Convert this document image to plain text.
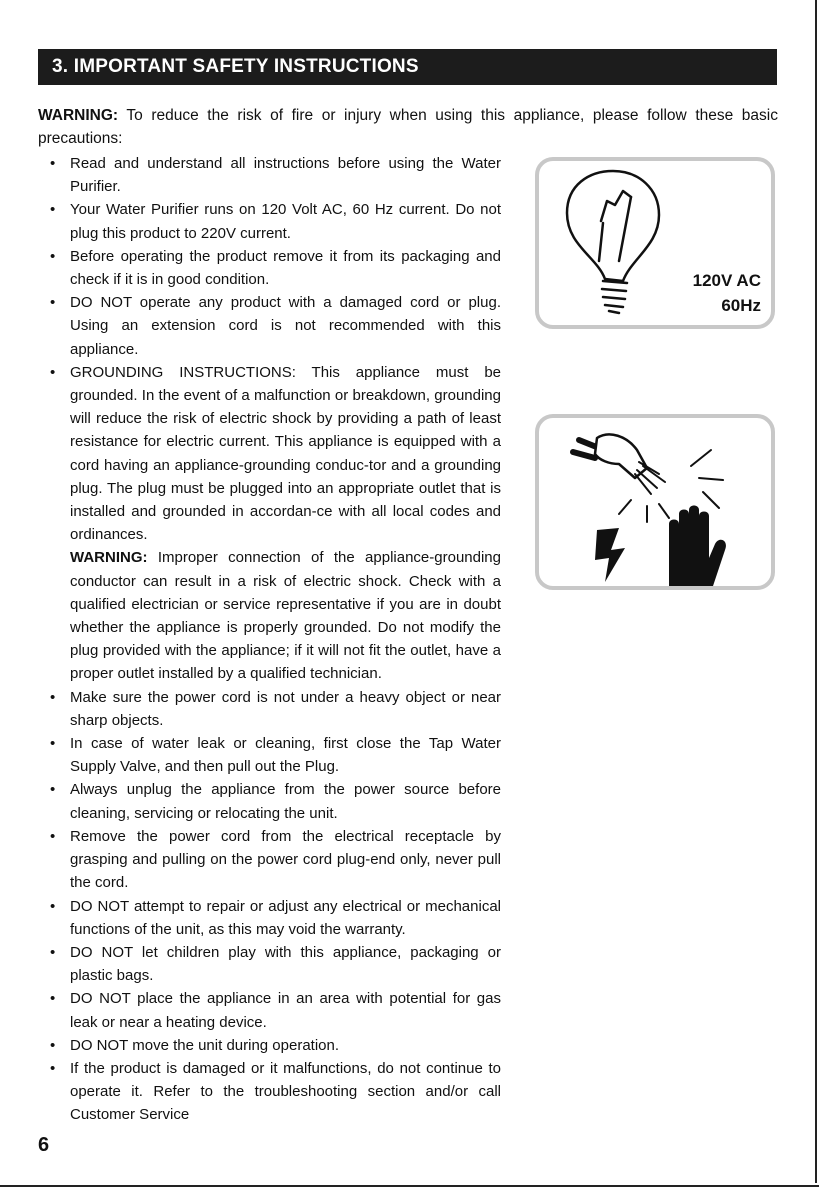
3. IMPORTANT SAFETY INSTRUCTIONS

WARNING: To reduce the risk of fire or injury when using this appliance, please follow these basic precautions:

• Read and understand all instructions before using the Water Purifier.
• Your Water Purifier runs on 120 Volt AC, 60 Hz current. Do not plug this product to 220V current.
• Before operating the product remove it from its packaging and check if it is in good condition.
• DO NOT operate any product with a damaged cord or plug. Using an extension cord is not recommended with this appliance.
• GROUNDING INSTRUCTIONS: This appliance must be grounded. In the event of a malfunction or breakdown, grounding will reduce the risk of electric shock by providing a path of least resistance for electric current. This appliance is equipped with a cord having an appliance-grounding conduc-tor and a grounding plug. The plug must be plugged into an appropriate outlet that is installed and grounded in accordan-ce with all local codes and ordinances.
WARNING: Improper connection of the appliance-grounding conductor can result in a risk of electric shock. Check with a qualified electrician or service representative if you are in doubt whether the appliance is properly grounded. Do not modify the plug provided with the appliance; if it will not fit the outlet, have a proper outlet installed by a qualified technician.
• Make sure the power cord is not under a heavy object or near sharp objects.
• In case of water leak or cleaning, first close the Tap Water Supply Valve, and then pull out the Plug.
• Always unplug the appliance from the power source before cleaning, servicing or relocating the unit.
• Remove the power cord from the electrical receptacle by grasping and pulling on the power cord plug-end only, never pull the cord.
• DO NOT attempt to repair or adjust any electrical or mechanical functions of the unit, as this may void the warranty.
• DO NOT let children play with this appliance, packaging or plastic bags.
• DO NOT place the appliance in an area with potential for gas leak or near a heating device.
• DO NOT move the unit during operation.
• If the product is damaged or it malfunctions, do not continue to operate it. Refer to the troubleshooting section and/or call Customer Service
120V AC
60Hz
6
